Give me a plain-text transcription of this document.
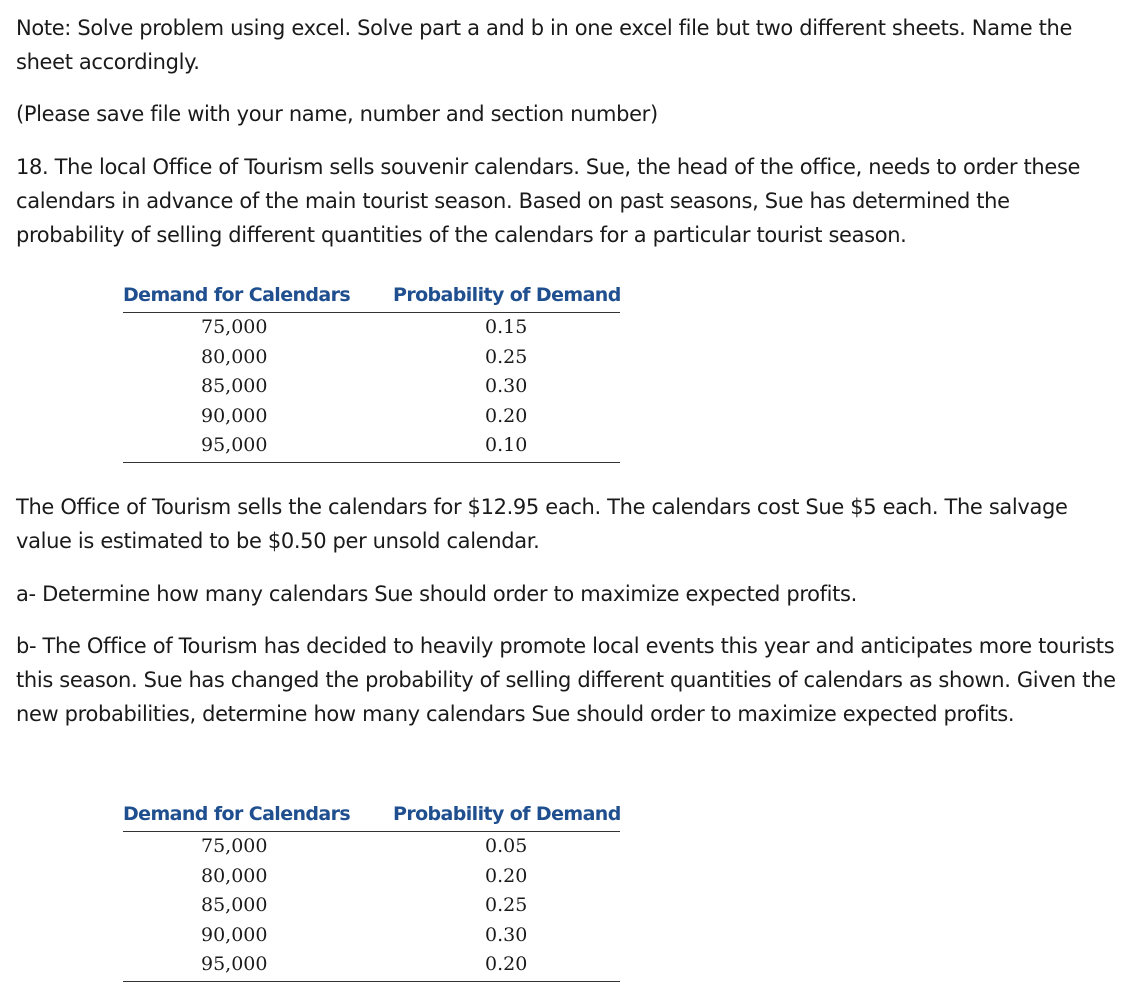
Note: Solve problem using excel. Solve part a and b in one excel file but two different sheets. Name the sheet accordingly.

(Please save file with your name, number and section number)

18. The local Office of Tourism sells souvenir calendars. Sue, the head of the office, needs to order these calendars in advance of the main tourist season. Based on past seasons, Sue has determined the probability of selling different quantities of the calendars for a particular tourist season.

Demand for Calendars Probability of Demand
75,000	0.15
80,000	0.25
85,000	0.30
90,000	0.20
95,000	0.10

The Office of Tourism sells the calendars for $12.95 each. The calendars cost Sue $5 each. The salvage value is estimated to be $0.50 per unsold calendar.

a- Determine how many calendars Sue should order to maximize expected profits.

b- The Office of Tourism has decided to heavily promote local events this year and anticipates more tourists this season. Sue has changed the probability of selling different quantities of calendars as shown. Given the new probabilities, determine how many calendars Sue should order to maximize expected profits.

Demand for Calendars Probability of Demand
75,000	0.05
80,000	0.20
85,000	0.25
90,000	0.30
95,000	0.20
